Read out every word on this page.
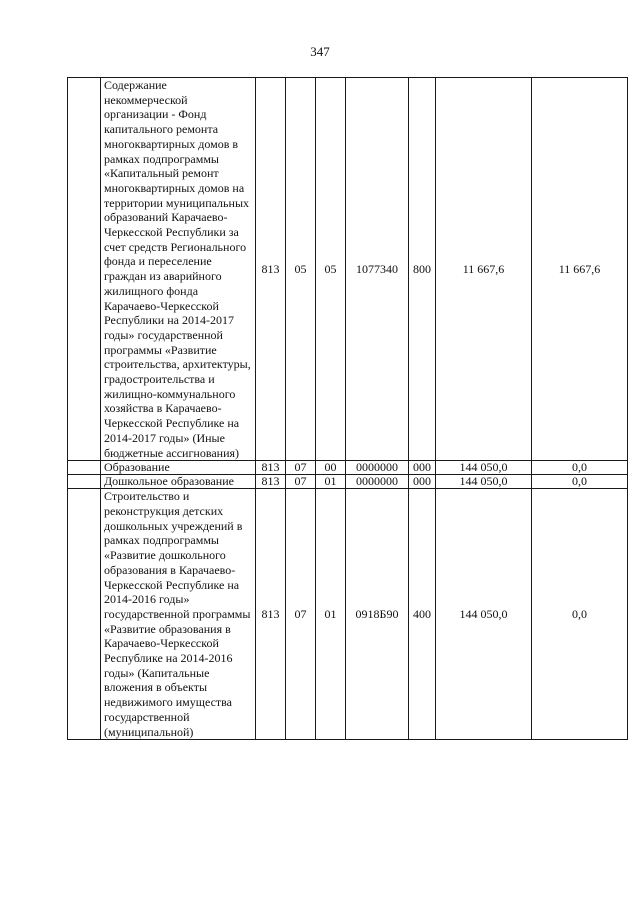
347
	Содержание некоммерческой организации - Фонд капитального ремонта многоквартирных домов в рамках подпрограммы «Капитальный ремонт многоквартирных домов на территории муниципальных образований Карачаево-Черкесской Республики за счет средств Регионального фонда и переселение граждан из аварийного жилищного фонда Карачаево-Черкесской Республики на 2014-2017 годы» государственной программы «Развитие строительства, архитектуры, градостроительства и жилищно-коммунального хозяйства в Карачаево-Черкесской Республике на 2014-2017 годы» (Иные бюджетные ассигнования)	813	05	05	1077340	800	11 667,6	11 667,6
	Образование	813	07	00	0000000	000	144 050,0	0,0
	Дошкольное образование	813	07	01	0000000	000	144 050,0	0,0
	Строительство и реконструкция детских дошкольных учреждений в рамках подпрограммы «Развитие дошкольного образования в Карачаево-Черкесской Республике на 2014-2016 годы» государственной программы «Развитие образования в Карачаево-Черкесской Республике на 2014-2016 годы» (Капитальные вложения в объекты недвижимого имущества государственной (муниципальной)	813	07	01	0918Б90	400	144 050,0	0,0
